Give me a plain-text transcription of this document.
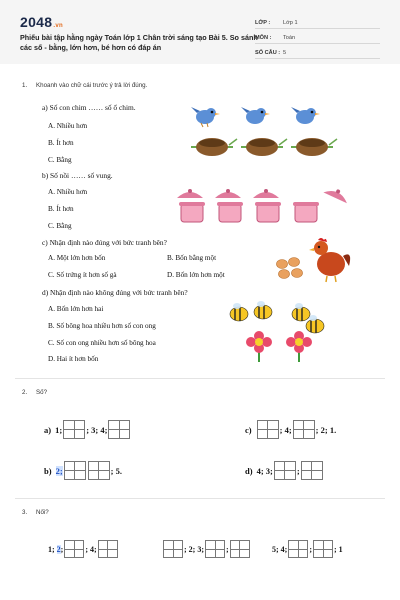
2048.vn
Phiếu bài tập hằng ngày Toán lớp 1 Chân trời sáng tạo Bài 5. So sánh các số - bằng, lớn hơn, bé hơn có đáp án
LỚP :	Lớp 1
MÔN :	Toán
SỐ CÂU : 5
1. Khoanh vào chữ cái trước ý trả lời đúng.
a) Số con chim …… số ổ chim.
A. Nhiều hơn
B. Ít hơn
C. Bằng
b) Số nồi …… số vung.
A. Nhiều hơn
B. Ít hơn
C. Bằng
c) Nhận định nào đúng với bức tranh bên?
A. Một lớn hơn bốn	B. Bốn bằng một
C. Số trứng ít hơn số gà	D. Bốn lớn hơn một
d) Nhận định nào không đúng với bức tranh bên?
A. Bốn lớn hơn hai
B. Số bông hoa nhiều hơn số con ong
C. Số con ong nhiều hơn số bông hoa
D. Hai ít hơn bốn
2. Số?
a) 1;	; 3; 4;	c)	; 4;	; 2; 1.
b) 2;	; 5.	d) 4; 3;	;
3. Nối?
1; 2;	; 4;	; 2; 3;	;	5; 4;	;	; 1
